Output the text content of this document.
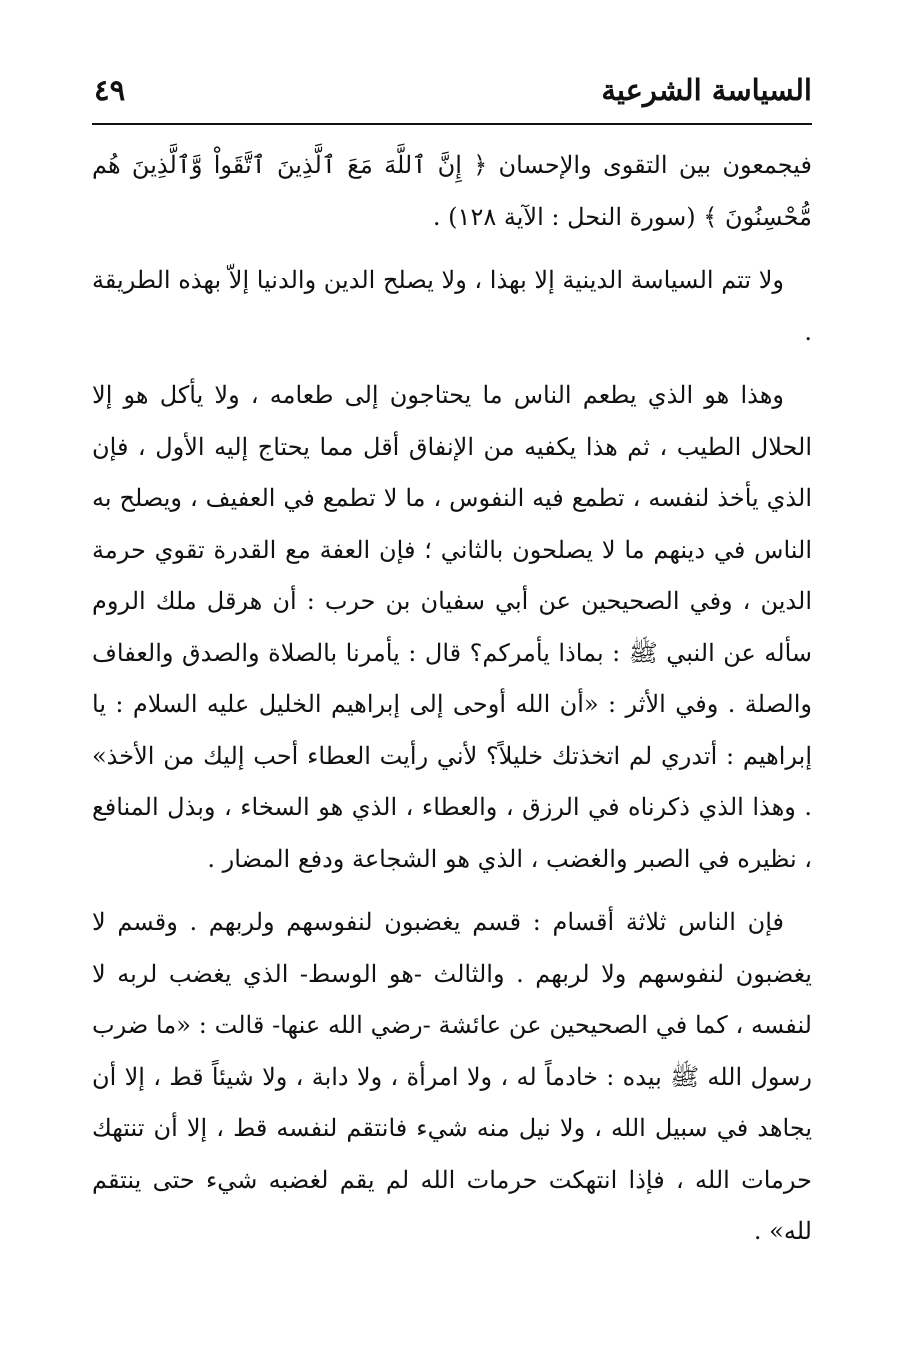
السياسة الشرعية
٤٩

فيجمعون بين التقوى والإحسان ﴿ إِنَّ ٱللَّهَ مَعَ ٱلَّذِينَ ٱتَّقَواْ وَّٱلَّذِينَ هُم مُّحْسِنُونَ ﴾ (سورة النحل : الآية ١٢٨) .

ولا تتم السياسة الدينية إلا بهذا ، ولا يصلح الدين والدنيا إلاّ بهذه الطريقة .

وهذا هو الذي يطعم الناس ما يحتاجون إلى طعامه ، ولا يأكل هو إلا الحلال الطيب ، ثم هذا يكفيه من الإنفاق أقل مما يحتاج إليه الأول ، فإن الذي يأخذ لنفسه ، تطمع فيه النفوس ، ما لا تطمع في العفيف ، ويصلح به الناس في دينهم ما لا يصلحون بالثاني ؛ فإن العفة مع القدرة تقوي حرمة الدين ، وفي الصحيحين عن أبي سفيان بن حرب : أن هرقل ملك الروم سأله عن النبي ﷺ : بماذا يأمركم؟ قال : يأمرنا بالصلاة والصدق والعفاف والصلة . وفي الأثر : «أن الله أوحى إلى إبراهيم الخليل عليه السلام : يا إبراهيم : أتدري لم اتخذتك خليلاً؟ لأني رأيت العطاء أحب إليك من الأخذ» . وهذا الذي ذكرناه في الرزق ، والعطاء ، الذي هو السخاء ، وبذل المنافع ، نظيره في الصبر والغضب ، الذي هو الشجاعة ودفع المضار .

فإن الناس ثلاثة أقسام : قسم يغضبون لنفوسهم ولربهم . وقسم لا يغضبون لنفوسهم ولا لربهم . والثالث -هو الوسط- الذي يغضب لربه لا لنفسه ، كما في الصحيحين عن عائشة -رضي الله عنها- قالت : «ما ضرب رسول الله ﷺ بيده : خادماً له ، ولا امرأة ، ولا دابة ، ولا شيئاً قط ، إلا أن يجاهد في سبيل الله ، ولا نيل منه شيء فانتقم لنفسه قط ، إلا أن تنتهك حرمات الله ، فإذا انتهكت حرمات الله لم يقم لغضبه شيء حتى ينتقم لله» .
